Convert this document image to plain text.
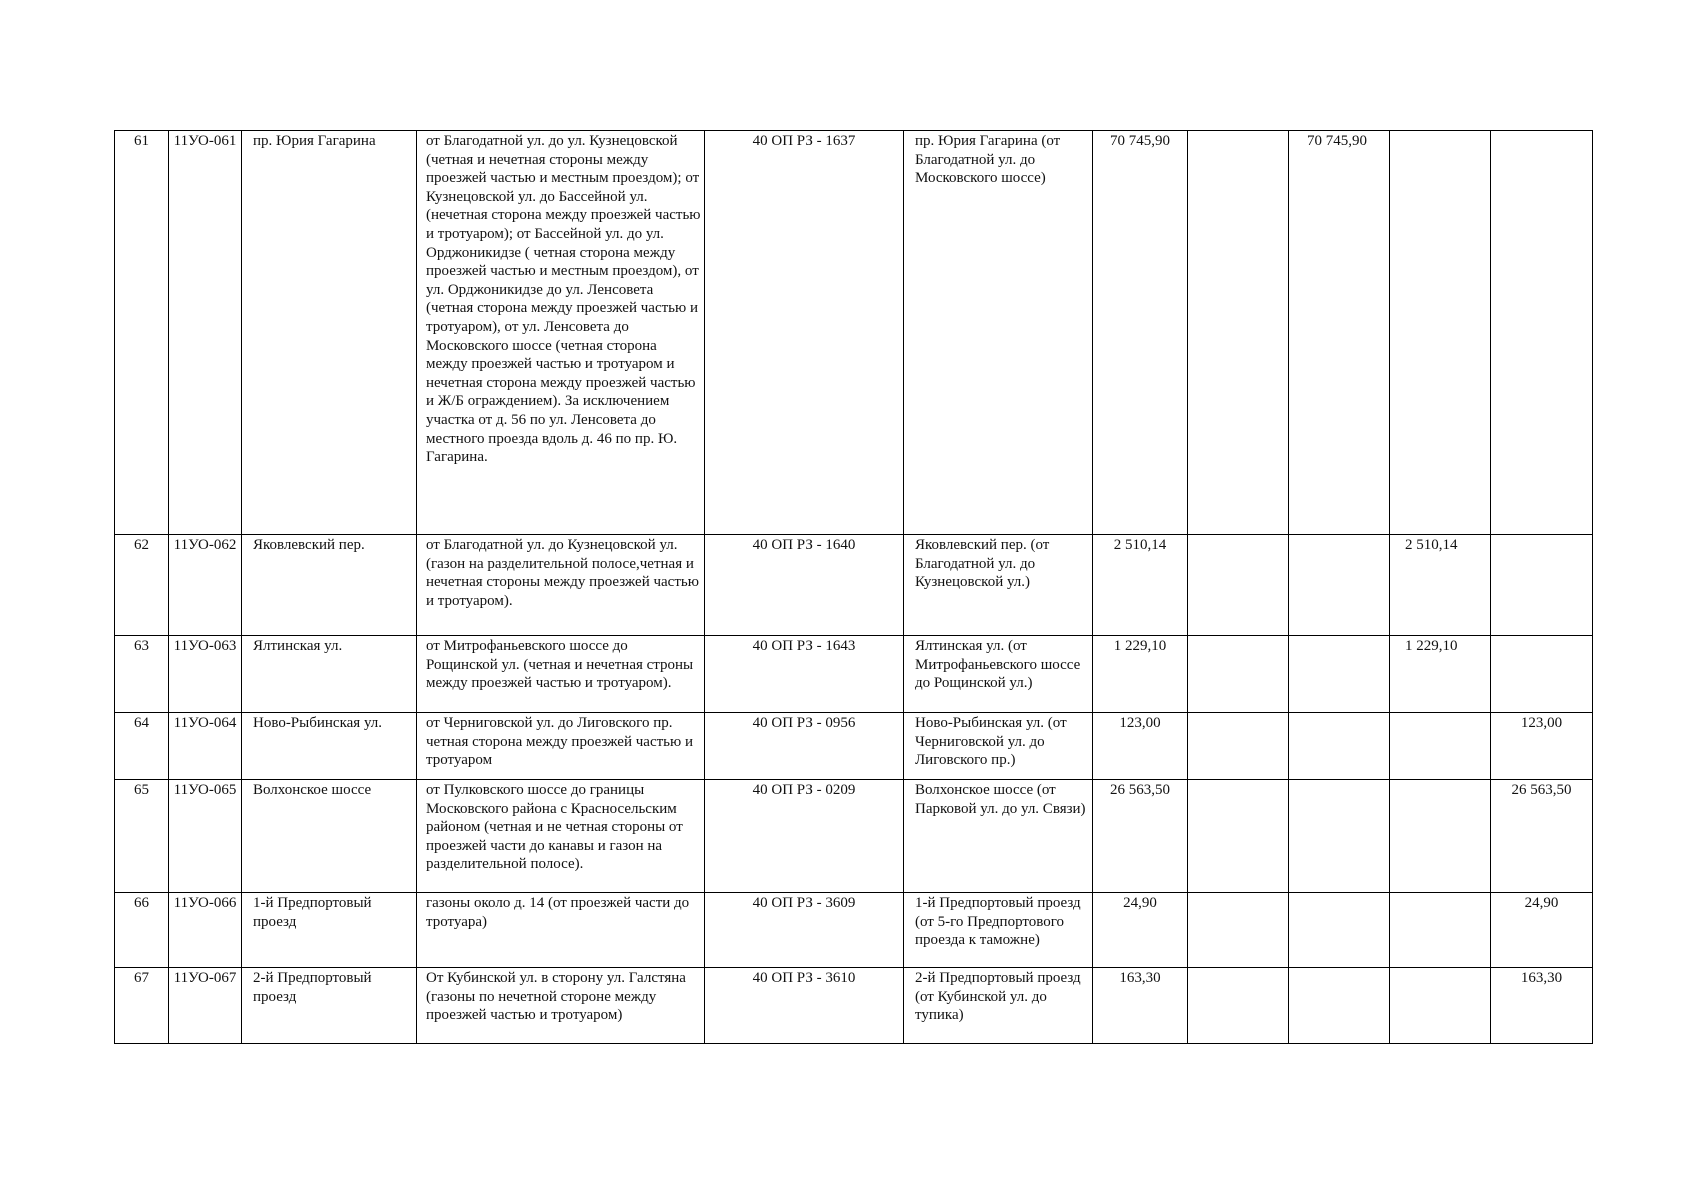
61	11УО-061	пр. Юрия Гагарина	от Благодатной ул. до ул. Кузнецовской (четная и нечетная стороны между проезжей частью и местным проездом); от Кузнецовской ул. до Бассейной ул. (нечетная сторона между проезжей частью и тротуаром); от Бассейной ул. до ул. Орджоникидзе ( четная сторона между проезжей частью и местным проездом), от ул. Орджоникидзе до ул. Ленсовета (четная сторона между проезжей частью и тротуаром), от ул. Ленсовета до Московского шоссе (четная сторона между проезжей частью и тротуаром и нечетная сторона между проезжей частью и Ж/Б ограждением). За исключением участка от д. 56 по ул. Ленсовета до местного проезда вдоль д. 46 по пр. Ю. Гагарина.	40 ОП РЗ - 1637	пр. Юрия Гагарина (от Благодатной ул. до Московского шоссе)	70 745,90		70 745,90		
62	11УО-062	Яковлевский пер.	от Благодатной ул. до Кузнецовской ул. (газон на разделительной полосе,четная и нечетная стороны между проезжей частью и тротуаром).	40 ОП РЗ - 1640	Яковлевский пер. (от Благодатной ул. до Кузнецовской ул.)	2 510,14			2 510,14	
63	11УО-063	Ялтинская ул.	от Митрофаньевского шоссе до Рощинской ул. (четная и нечетная строны между проезжей частью и тротуаром).	40 ОП РЗ - 1643	Ялтинская ул. (от Митрофаньевского шоссе до Рощинской ул.)	1 229,10			1 229,10	
64	11УО-064	Ново-Рыбинская ул.	от Черниговской ул. до Лиговского пр. четная сторона между проезжей частью и тротуаром	40 ОП РЗ - 0956	Ново-Рыбинская ул. (от Черниговской ул. до Лиговского пр.)	123,00				123,00
65	11УО-065	Волхонское шоссе	от Пулковского шоссе до границы Московского района с Красносельским районом (четная и не четная стороны от проезжей части до канавы и газон на разделительной полосе).	40 ОП РЗ - 0209	Волхонское шоссе (от Парковой ул. до ул. Связи)	26 563,50				26 563,50
66	11УО-066	1-й Предпортовый проезд	газоны около д. 14 (от проезжей части до тротуара)	40 ОП РЗ - 3609	1-й Предпортовый проезд (от 5-го Предпортового проезда к таможне)	24,90				24,90
67	11УО-067	2-й Предпортовый проезд	От Кубинской ул. в сторону ул. Галстяна (газоны по нечетной стороне между проезжей частью и тротуаром)	40 ОП РЗ - 3610	2-й Предпортовый проезд (от Кубинской ул. до тупика)	163,30				163,30
